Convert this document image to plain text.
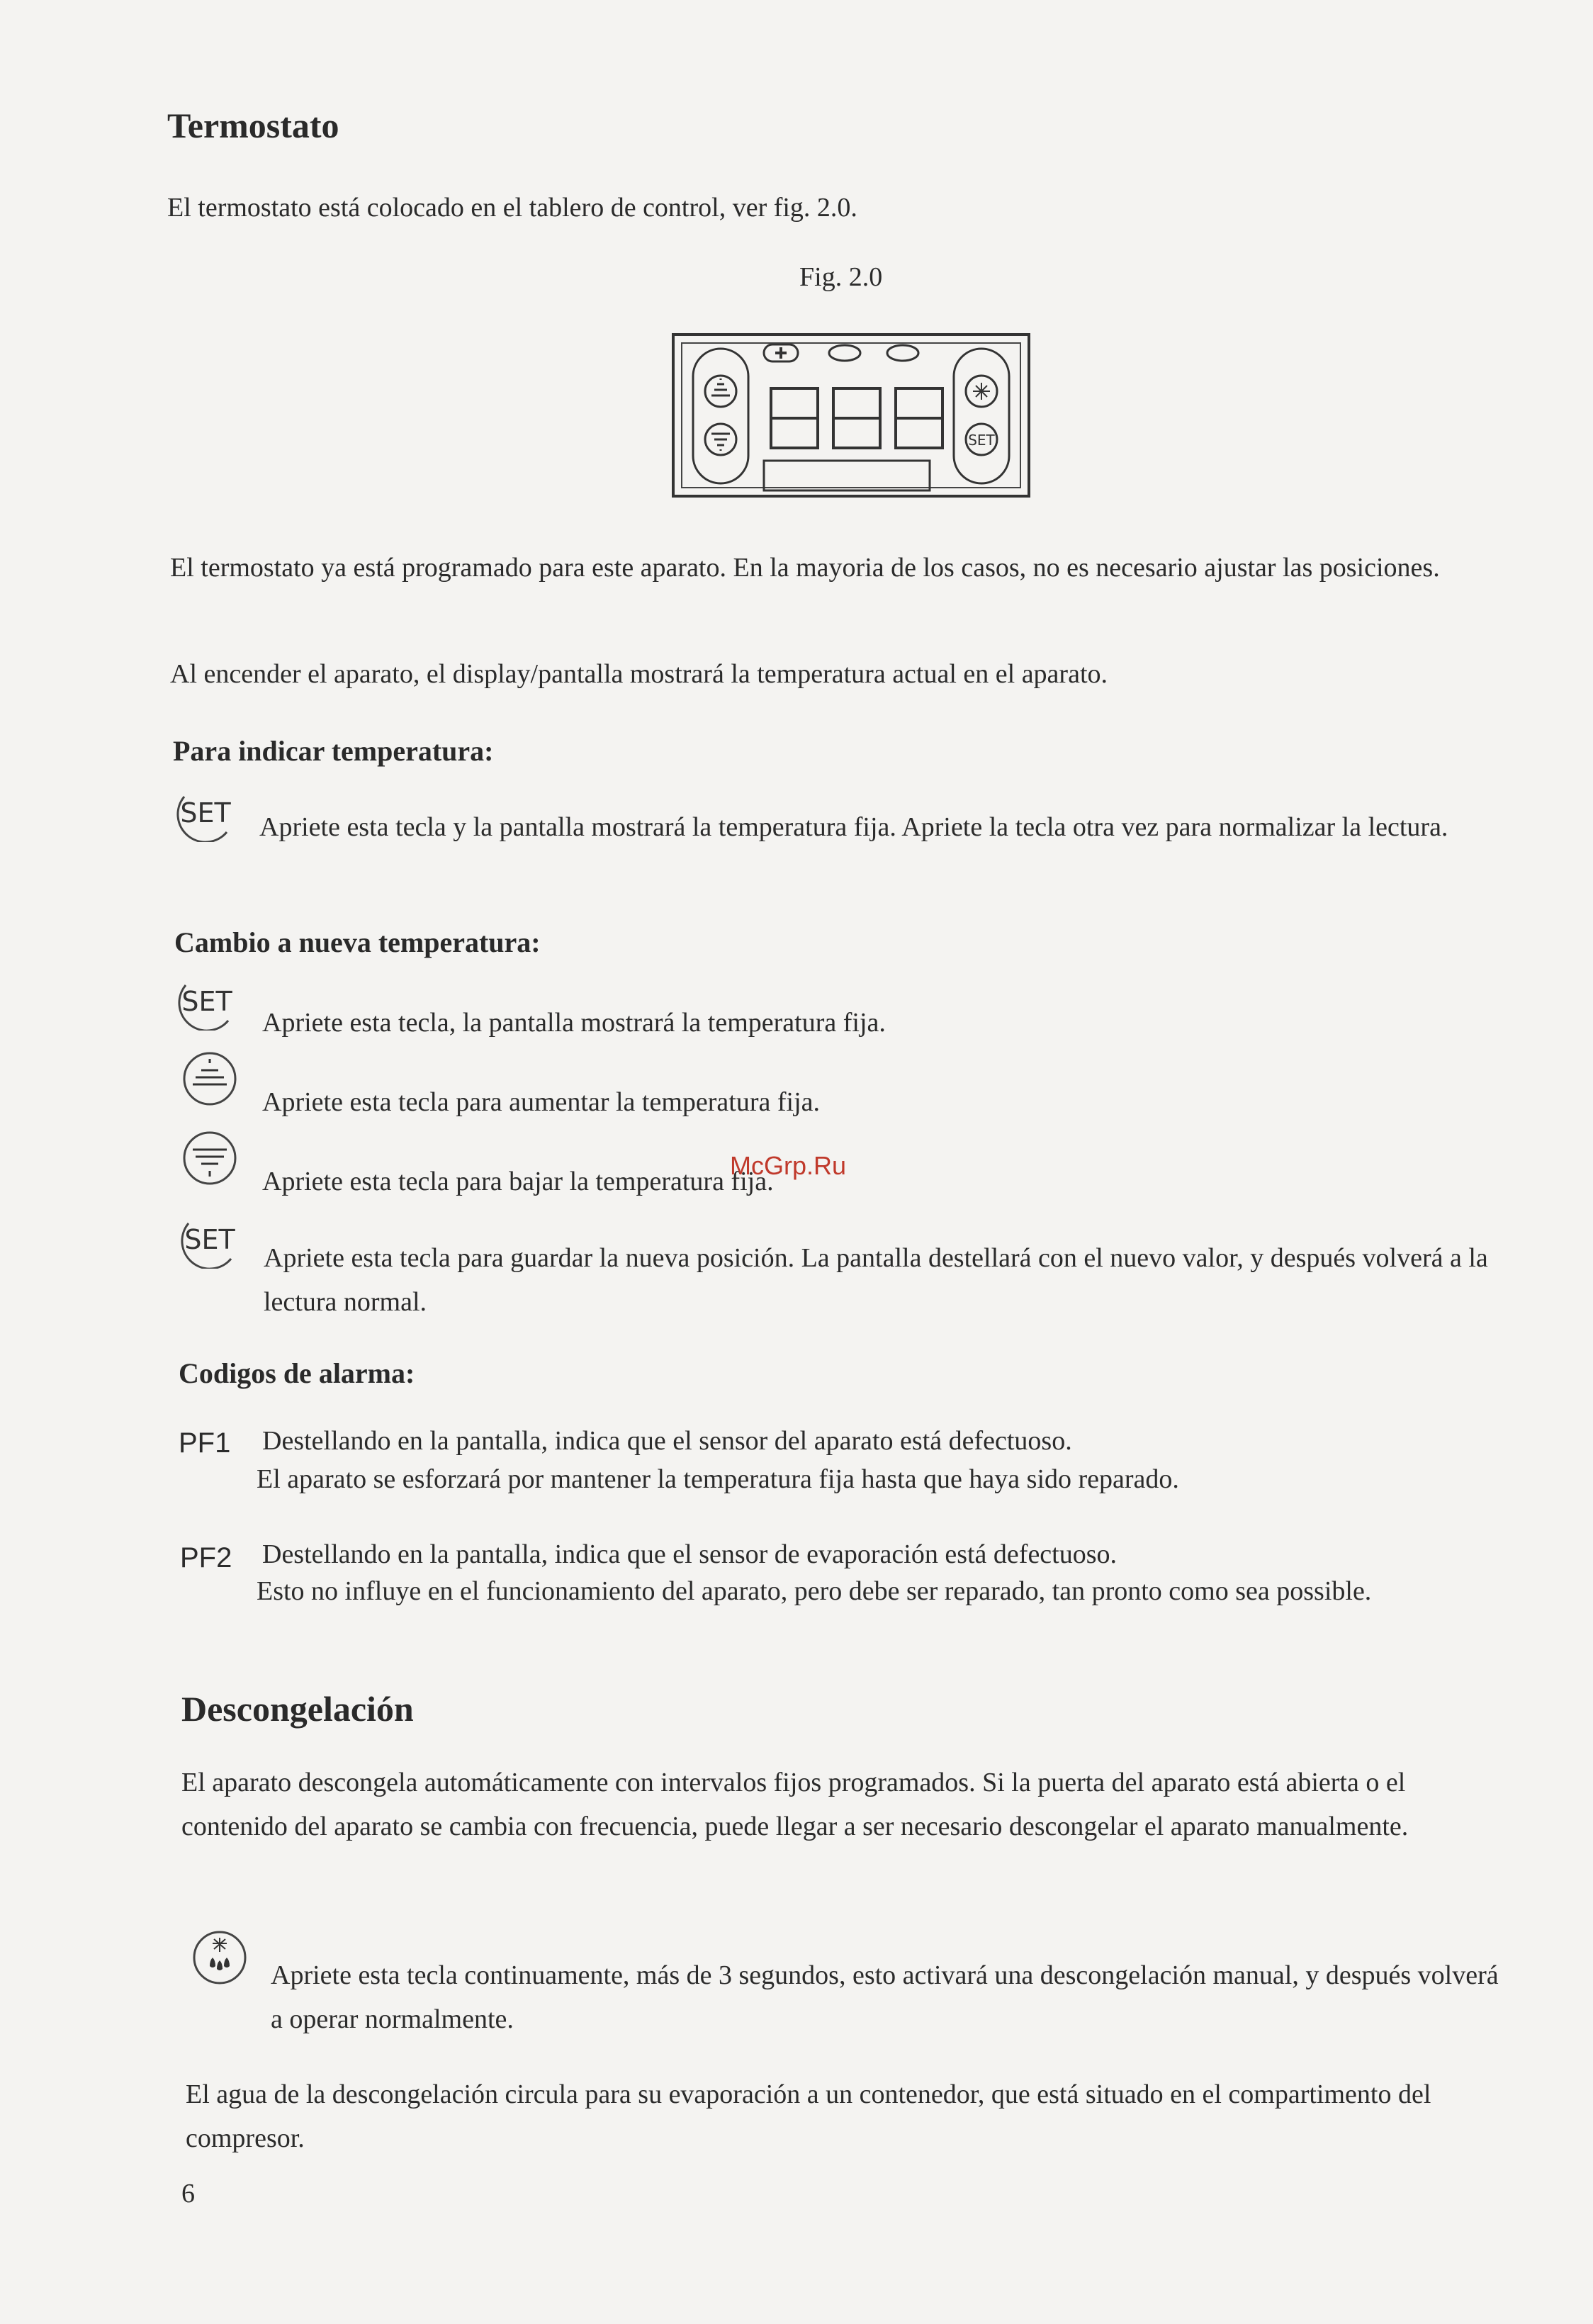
Termostato
El termostato está colocado en el tablero de control, ver fig. 2.0.
Fig. 2.0
SET
El termostato ya está programado para este aparato. En la mayoria de los casos, no es necesario ajustar las posiciones.
Al encender el aparato, el display/pantalla mostrará la temperatura actual en el aparato.
Para indicar temperatura:
SET Apriete esta tecla y la pantalla mostrará la temperatura fija. Apriete la tecla otra vez para normalizar la lectura.
Cambio a nueva temperatura:
SET
Apriete esta tecla, la pantalla mostrará la temperatura fija.
Apriete esta tecla para aumentar la temperatura fija.
Apriete esta tecla para bajar la temperatura fija.
SET
Apriete esta tecla para guardar la nueva posición. La pantalla destellará con el nuevo valor, y después volverá a la lectura normal.
McGrp.Ru
Codigos de alarma:
PF1 Destellando en la pantalla, indica que el sensor del aparato está defectuoso.
El aparato se esforzará por mantener la temperatura fija hasta que haya sido reparado.
PF2 Destellando en la pantalla, indica que el sensor de evaporación está defectuoso.
Esto no influye en el funcionamiento del aparato, pero debe ser reparado, tan pronto como sea possible.
Descongelación
El aparato descongela automáticamente con intervalos fijos programados. Si la puerta del aparato está abierta o el contenido del aparato se cambia con frecuencia, puede llegar a ser necesario descongelar el aparato manualmente.
Apriete esta tecla continuamente, más de 3 segundos, esto activará una descongelación manual, y después volverá a operar normalmente.
El agua de la descongelación circula para su evaporación a un contenedor, que está situado en el compartimento del compresor.
6
